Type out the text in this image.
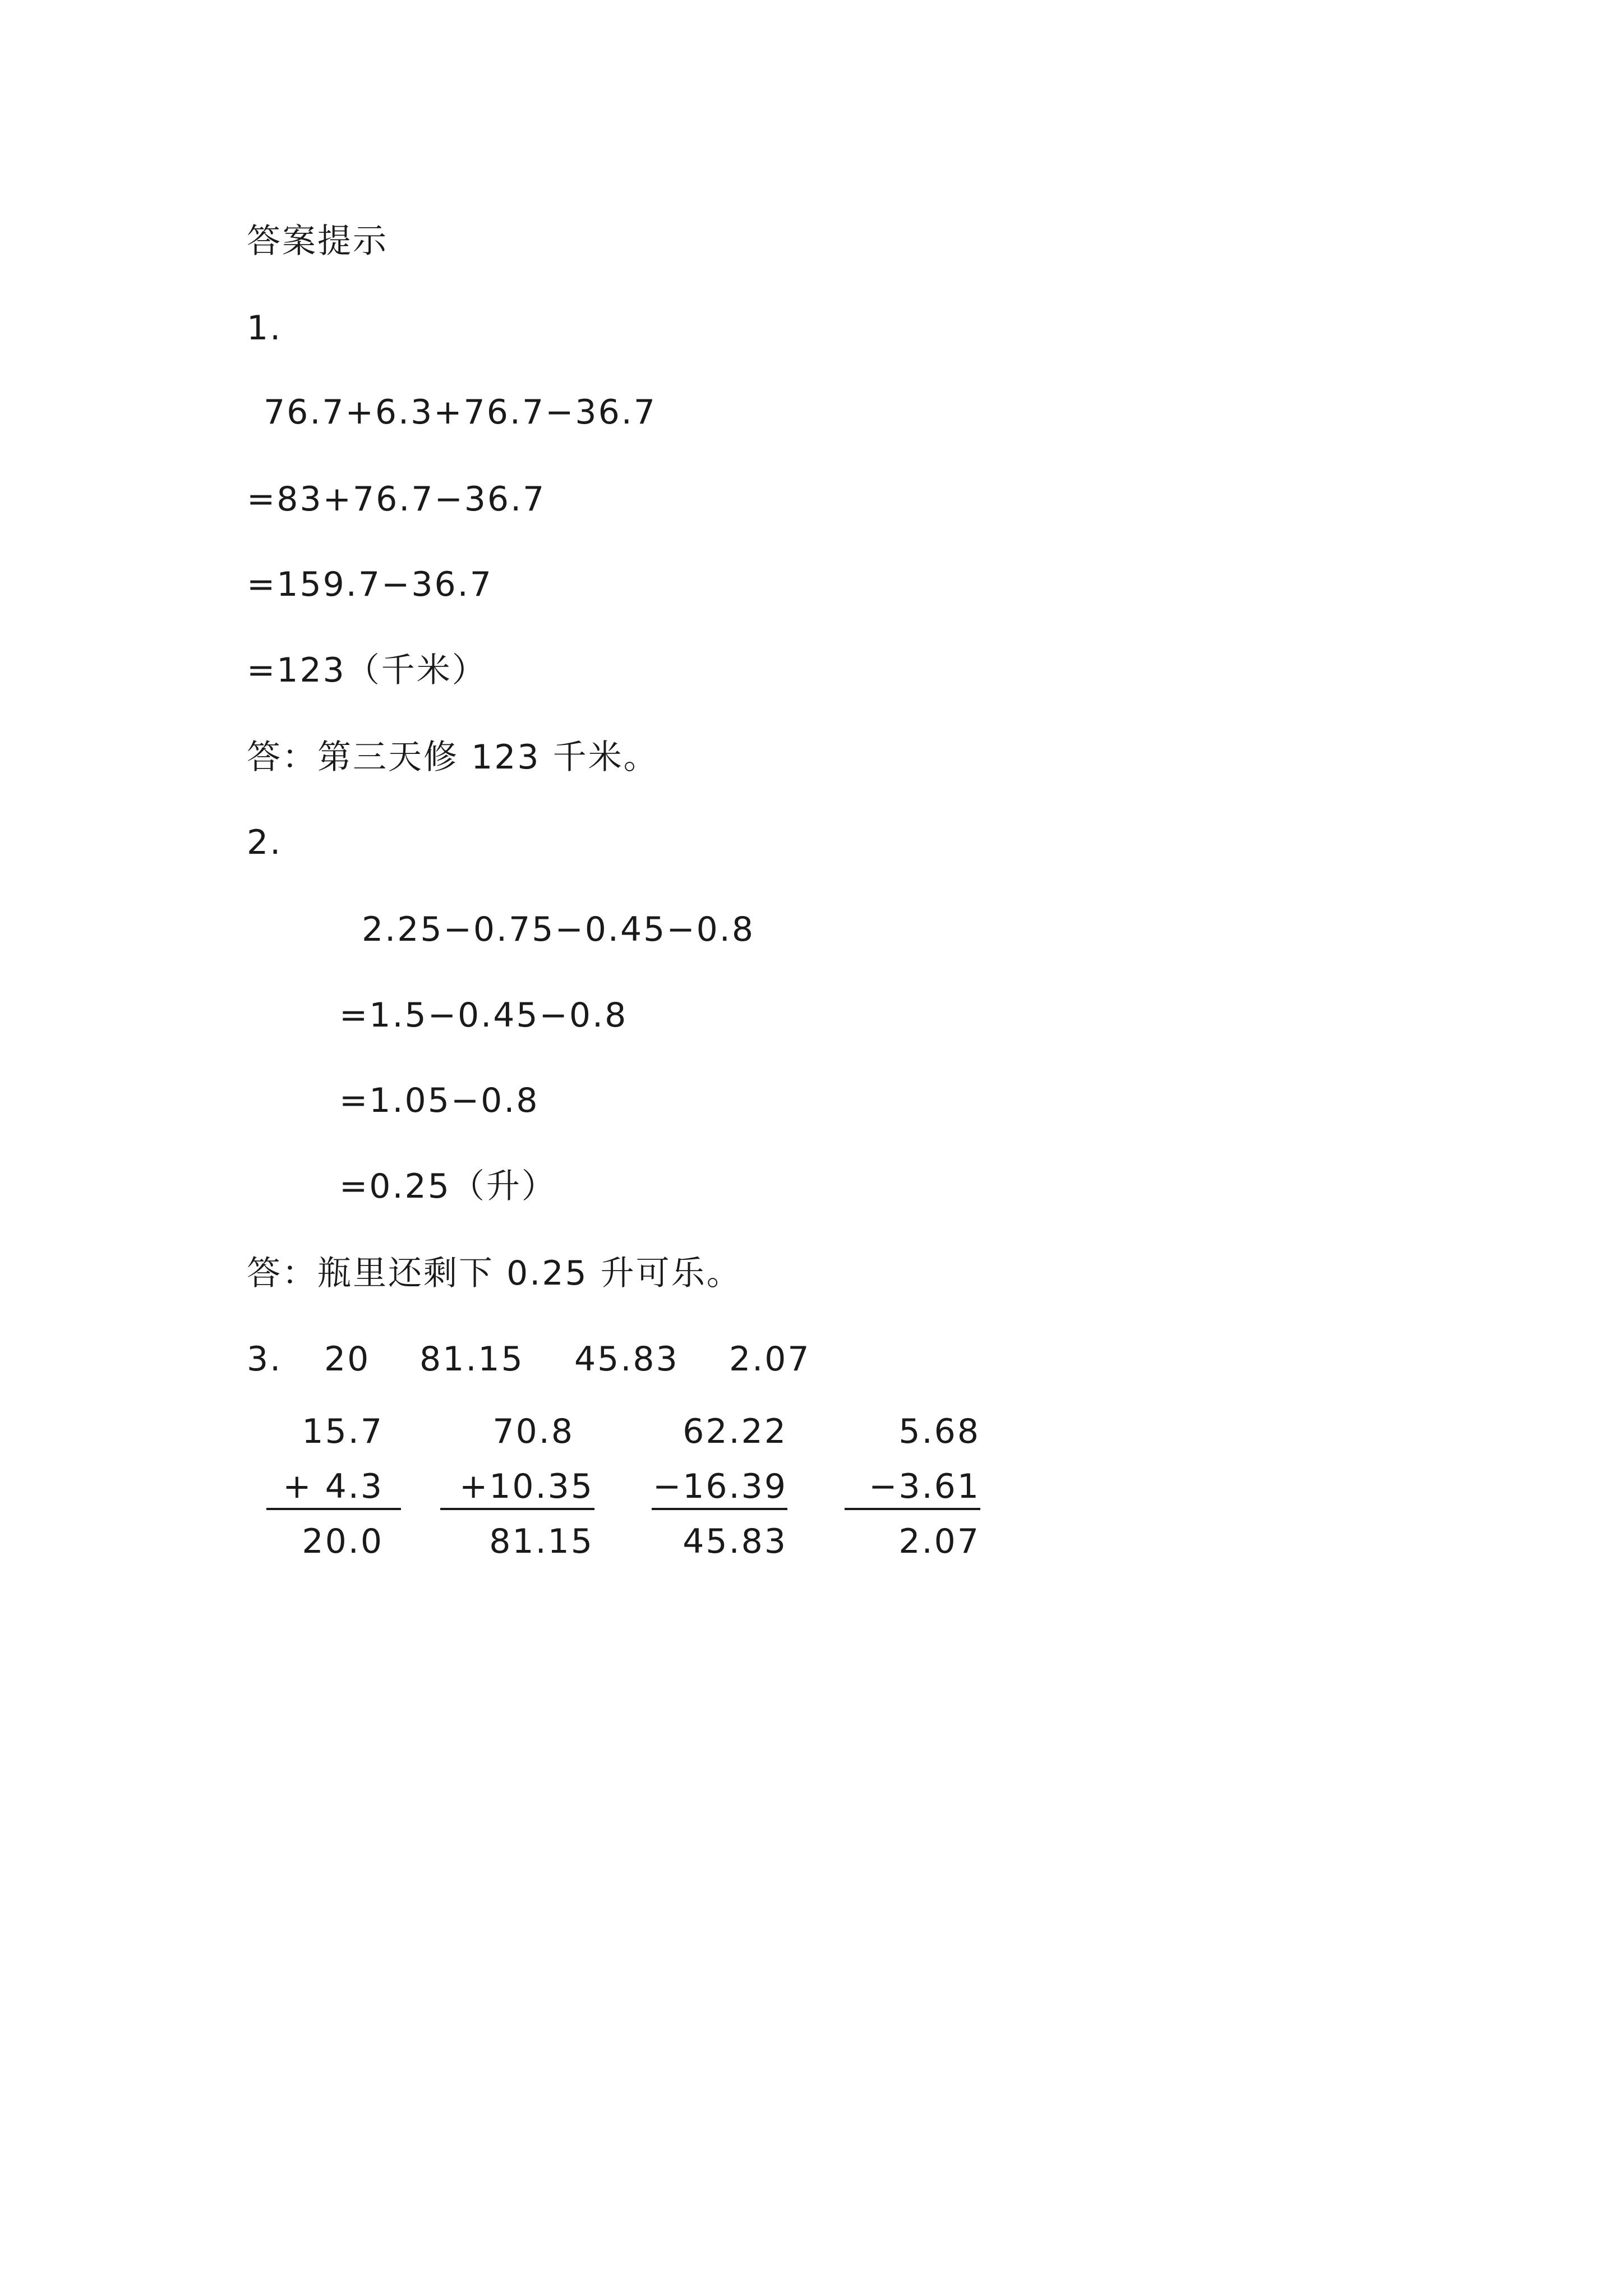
答案提示
1.
76.7+6.3+76.7−36.7
=83+76.7−36.7
=159.7−36.7
=123（千米）
答：第三天修 123 千米。
2.
2.25−0.75−0.45−0.8
=1.5−0.45−0.8
=1.05−0.8
=0.25（升）
答：瓶里还剩下 0.25 升可乐。
3. 20 81.15 45.83 2.07
15.7
+ 4.3
20.0
70.8
+10.35
81.15
62.22
−16.39
45.83
5.68
−3.61
2.07
